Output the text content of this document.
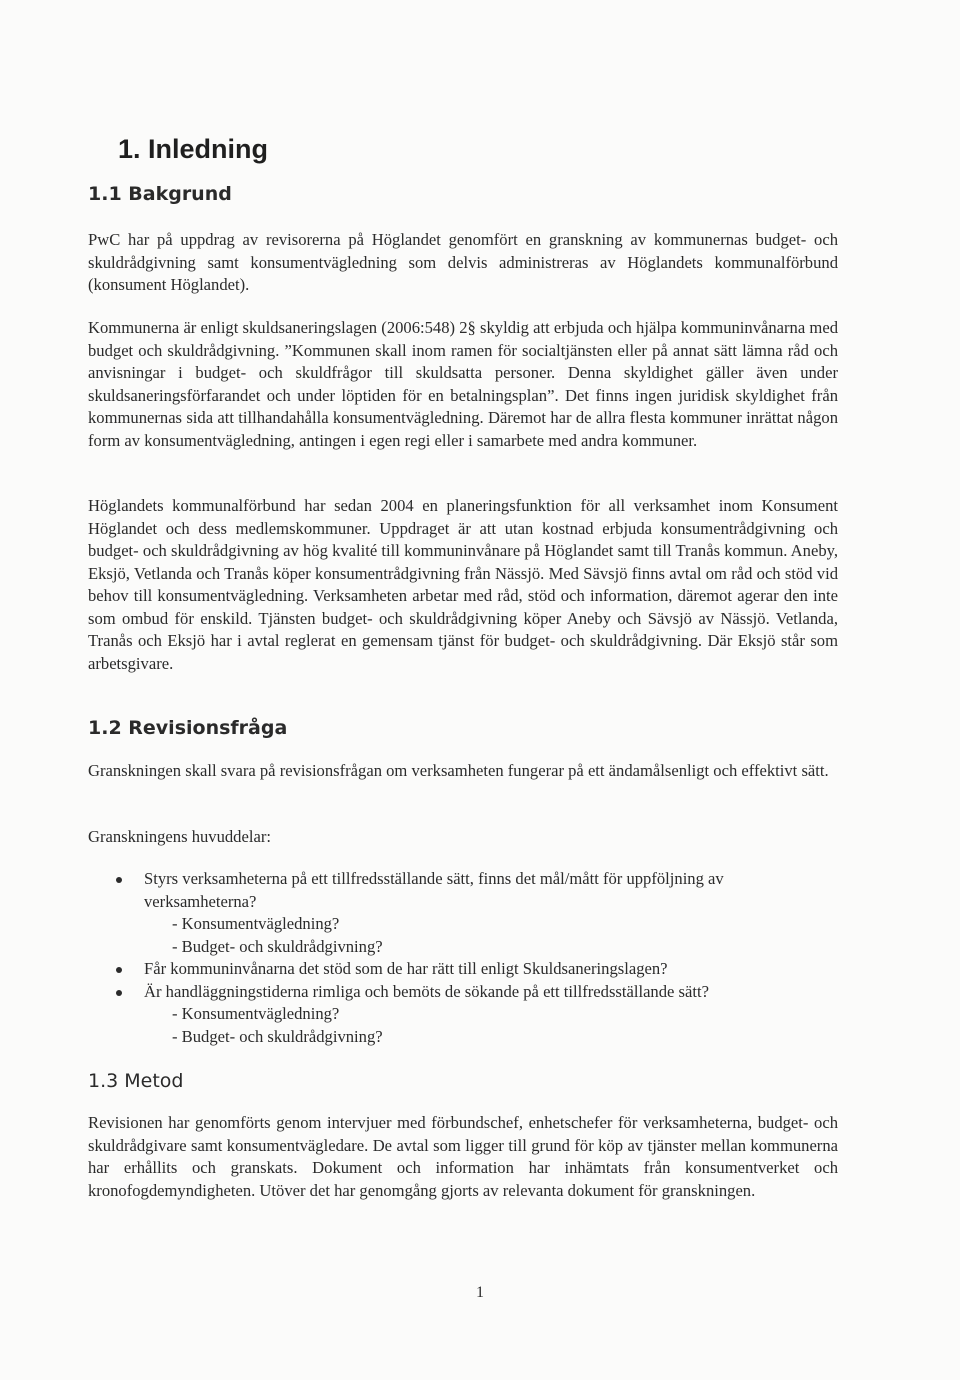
1. Inledning
1.1 Bakgrund

PwC har på uppdrag av revisorerna på Höglandet genomfört en granskning av kommunernas budget- och skuldrådgivning samt konsumentvägledning som delvis administreras av Höglandets kommunalförbund (konsument Höglandet).

Kommunerna är enligt skuldsaneringslagen (2006:548) 2§ skyldig att erbjuda och hjälpa kommuninvånarna med budget och skuldrådgivning. ”Kommunen skall inom ramen för socialtjänsten eller på annat sätt lämna råd och anvisningar i budget- och skuldfrågor till skuldsatta personer. Denna skyldighet gäller även under skuldsaneringsförfarandet och under löptiden för en betalningsplan”. Det finns ingen juridisk skyldighet från kommunernas sida att tillhandahålla konsumentvägledning. Däremot har de allra flesta kommuner inrättat någon form av konsumentvägledning, antingen i egen regi eller i samarbete med andra kommuner.

Höglandets kommunalförbund har sedan 2004 en planeringsfunktion för all verksamhet inom Konsument Höglandet och dess medlemskommuner. Uppdraget är att utan kostnad erbjuda konsumentrådgivning och budget- och skuldrådgivning av hög kvalité till kommuninvånare på Höglandet samt till Tranås kommun. Aneby, Eksjö, Vetlanda och Tranås köper konsumentrådgivning från Nässjö. Med Sävsjö finns avtal om råd och stöd vid behov till konsumentvägledning. Verksamheten arbetar med råd, stöd och information, däremot agerar den inte som ombud för enskild. Tjänsten budget- och skuldrådgivning köper Aneby och Sävsjö av Nässjö. Vetlanda, Tranås och Eksjö har i avtal reglerat en gemensam tjänst för budget- och skuldrådgivning. Där Eksjö står som arbetsgivare.

1.2 Revisionsfråga

Granskningen skall svara på revisionsfrågan om verksamheten fungerar på ett ändamålsenligt och effektivt sätt.

Granskningens huvuddelar:

Styrs verksamheterna på ett tillfredsställande sätt, finns det mål/mått för uppföljning av verksamheterna?
- Konsumentvägledning?
- Budget- och skuldrådgivning?
Får kommuninvånarna det stöd som de har rätt till enligt Skuldsaneringslagen?
Är handläggningstiderna rimliga och bemöts de sökande på ett tillfredsställande sätt?
- Konsumentvägledning?
- Budget- och skuldrådgivning?
1.3 Metod

Revisionen har genomförts genom intervjuer med förbundschef, enhetschefer för verksamheterna, budget- och skuldrådgivare samt konsumentvägledare. De avtal som ligger till grund för köp av tjänster mellan kommunerna har erhållits och granskats. Dokument och information har inhämtats från konsumentverket och kronofogdemyndigheten. Utöver det har genomgång gjorts av relevanta dokument för granskningen.

1
